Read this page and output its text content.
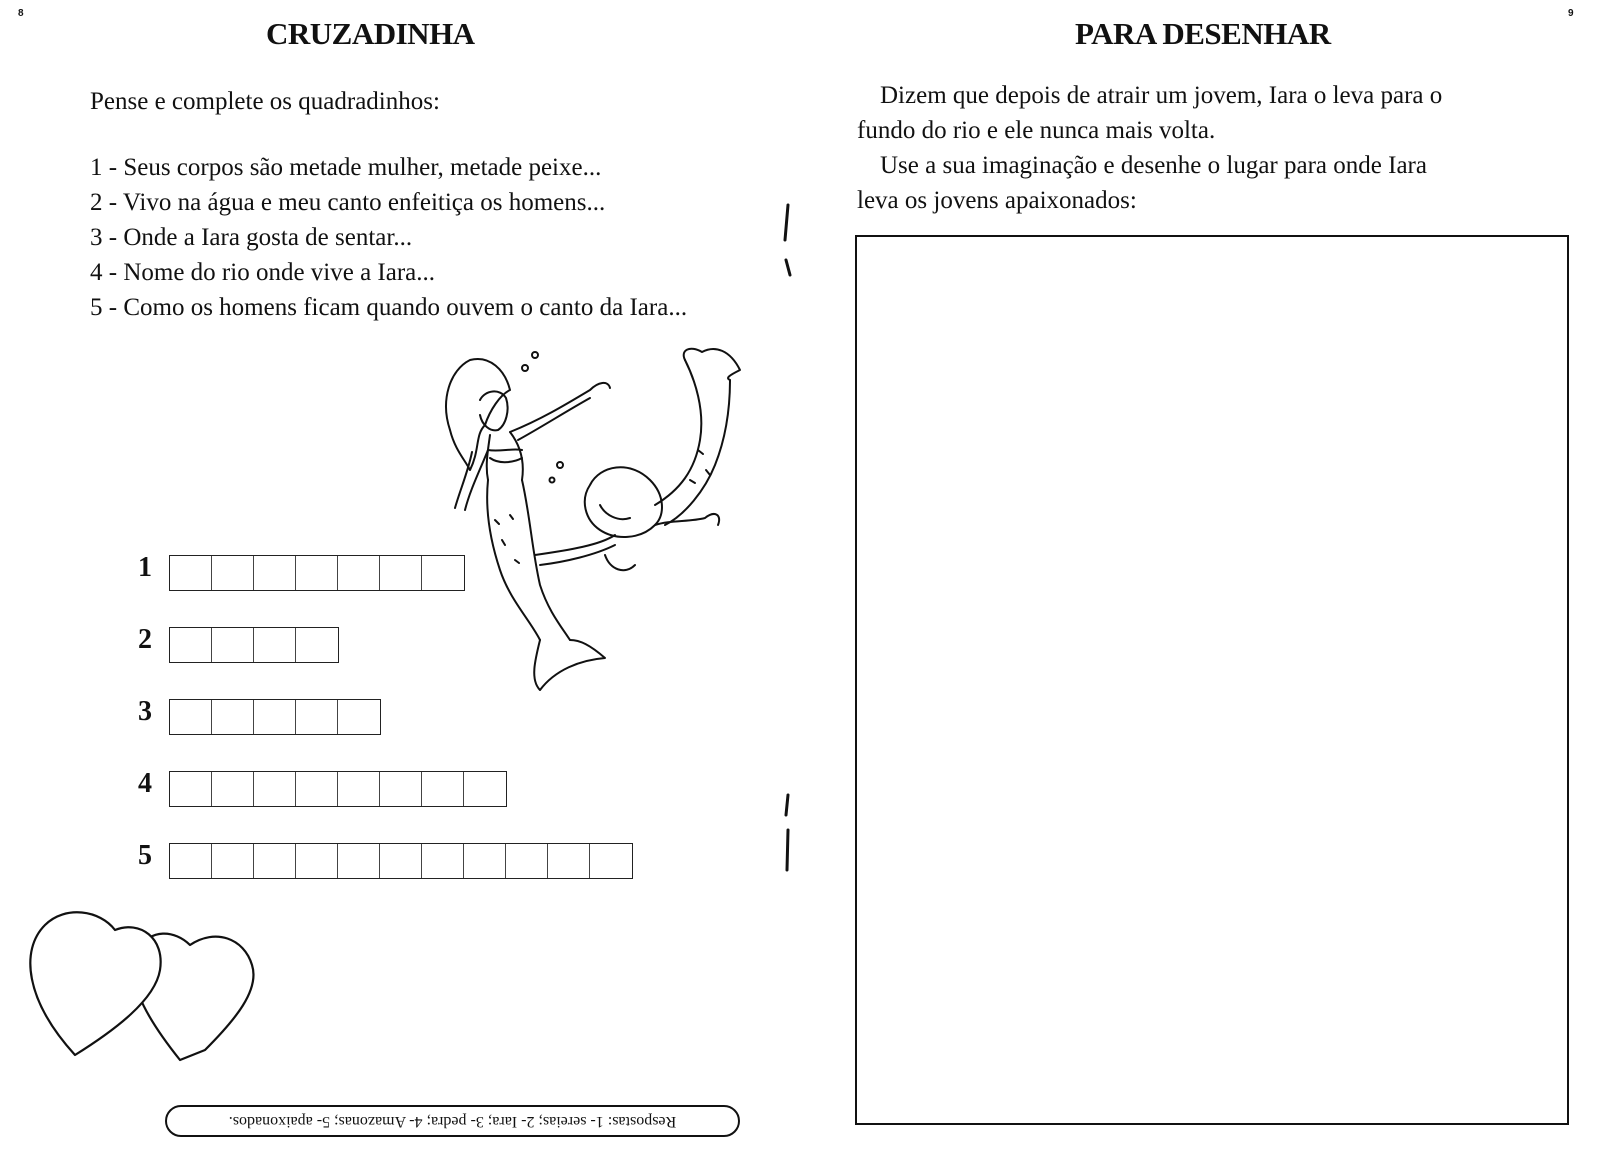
8
CRUZADINHA
Pense e complete os quadradinhos:
1 - Seus corpos são metade mulher, metade peixe...
2 - Vivo na água e meu canto enfeitiça os homens...
3 - Onde a Iara gosta de sentar...
4 - Nome do rio onde vive a Iara...
5 - Como os homens ficam quando ouvem o canto da Iara...
1
2
3
4
5
Respostas: 1- sereias; 2- Iara; 3- pedra; 4- Amazonas; 5- apaixonados.
9
PARA DESENHAR
Dizem que depois de atrair um jovem, Iara o leva para o
fundo do rio e ele nunca mais volta.
Use a sua imaginação e desenhe o lugar para onde Iara
leva os jovens apaixonados:
